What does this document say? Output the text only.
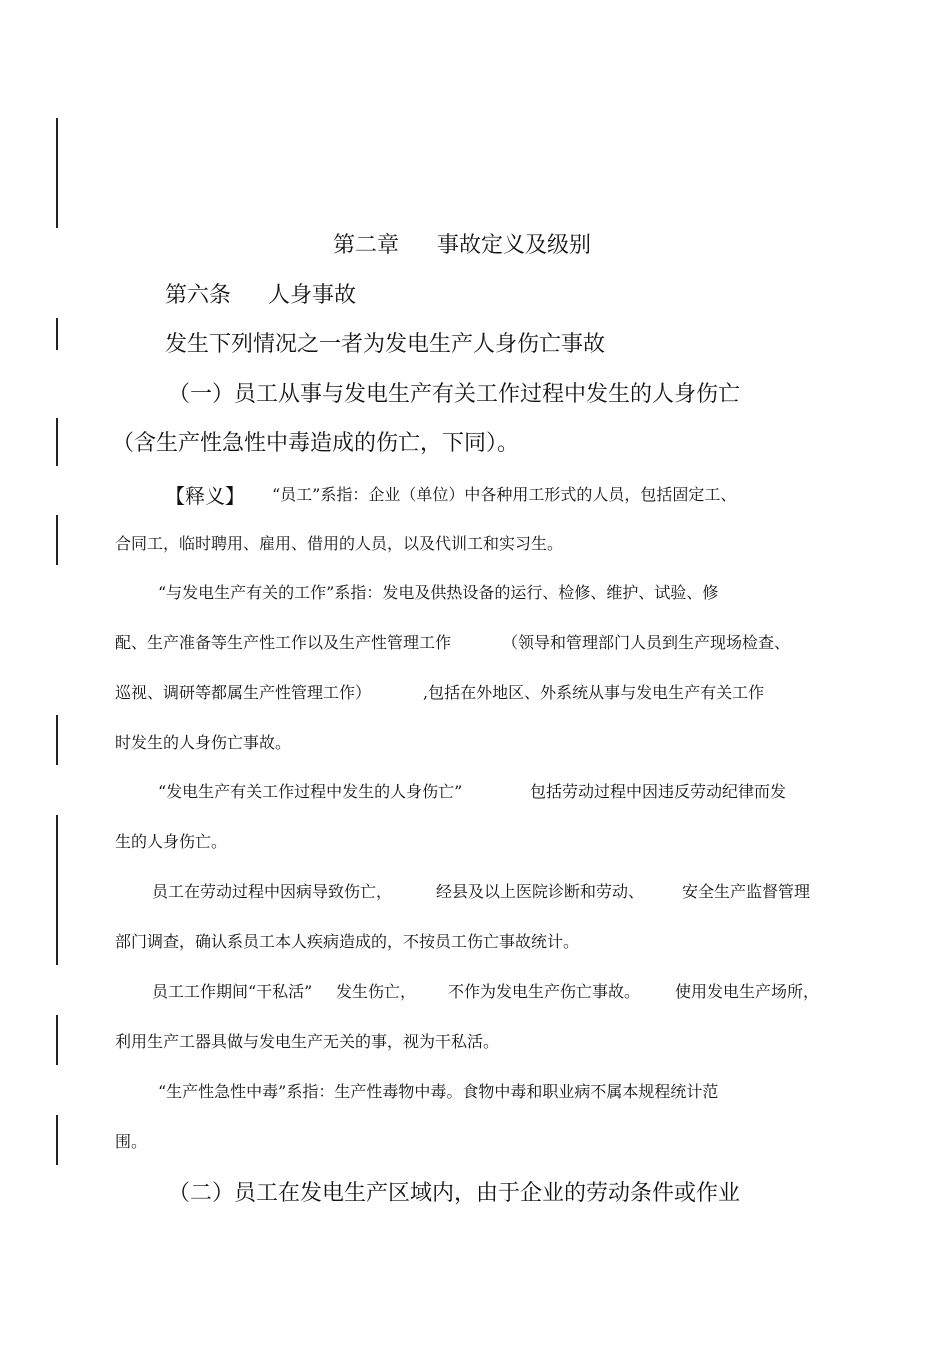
第二章 事故定义及级别
第六条 人身事故
发生下列情况之一者为发电生产人身伤亡事故
（一）员工从事与发电生产有关工作过程中发生的人身伤亡
（含生产性急性中毒造成的伤亡，下同）。
【释义】 “员工”系指：企业（单位）中各种用工形式的人员，包括固定工、
合同工，临时聘用、雇用、借用的人员，以及代训工和实习生。
“与发电生产有关的工作”系指：发电及供热设备的运行、检修、维护、试验、修
配、生产准备等生产性工作以及生产性管理工作	（领导和管理部门人员到生产现场检查、
巡视、调研等都属生产性管理工作）	,包括在外地区、外系统从事与发电生产有关工作
时发生的人身伤亡事故。
“发电生产有关工作过程中发生的人身伤亡”	包括劳动过程中因违反劳动纪律而发
生的人身伤亡。
员工在劳动过程中因病导致伤亡，	经县及以上医院诊断和劳动、 安全生产监督管理
部门调查，确认系员工本人疾病造成的，不按员工伤亡事故统计。
员工工作期间“干私活” 发生伤亡， 不作为发电生产伤亡事故。 使用发电生产场所，
利用生产工器具做与发电生产无关的事，视为干私活。
“生产性急性中毒”系指：生产性毒物中毒。食物中毒和职业病不属本规程统计范
围。
（二）员工在发电生产区域内，由于企业的劳动条件或作业
